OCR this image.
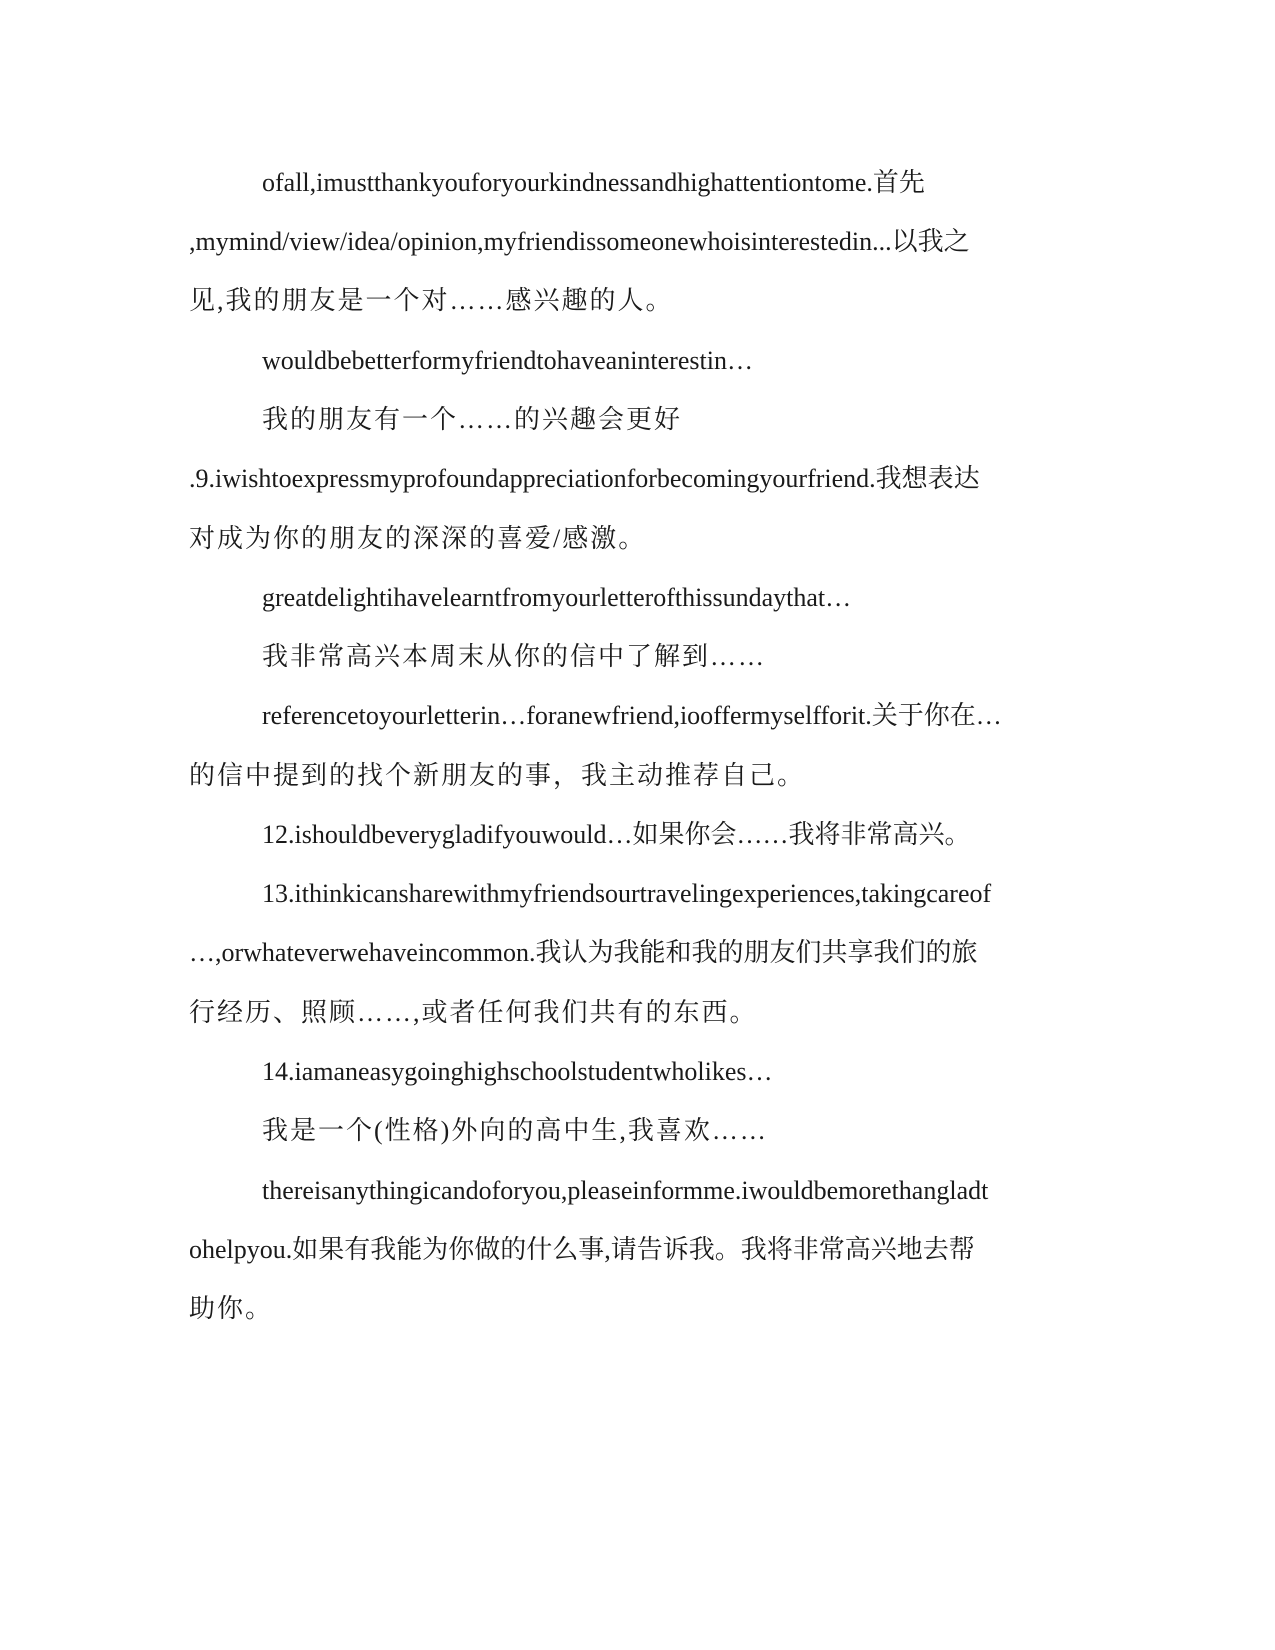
ofall,imustthankyouforyourkindnessandhighattentiontome.首先
,mymind/view/idea/opinion,myfriendissomeonewhoisinterestedin...以我之
见,我的朋友是一个对……感兴趣的人。
wouldbebetterformyfriendtohaveaninterestin…
我的朋友有一个……的兴趣会更好
.9.iwishtoexpressmyprofoundappreciationforbecomingyourfriend.我想表达
对成为你的朋友的深深的喜爱/感激。
greatdelightihavelearntfromyourletterofthissundaythat…
我非常高兴本周末从你的信中了解到……
referencetoyourletterin…foranewfriend,iooffermyselfforit.关于你在…
的信中提到的找个新朋友的事，我主动推荐自己。
12.ishouldbeverygladifyouwould…如果你会……我将非常高兴。
13.ithinkicansharewithmyfriendsourtravelingexperiences,takingcareof
…,orwhateverwehaveincommon.我认为我能和我的朋友们共享我们的旅
行经历、照顾……,或者任何我们共有的东西。
14.iamaneasygoinghighschoolstudentwholikes…
我是一个(性格)外向的高中生,我喜欢……
thereisanythingicandoforyou,pleaseinformme.iwouldbemorethangladt
ohelpyou.如果有我能为你做的什么事,请告诉我。我将非常高兴地去帮
助你。
